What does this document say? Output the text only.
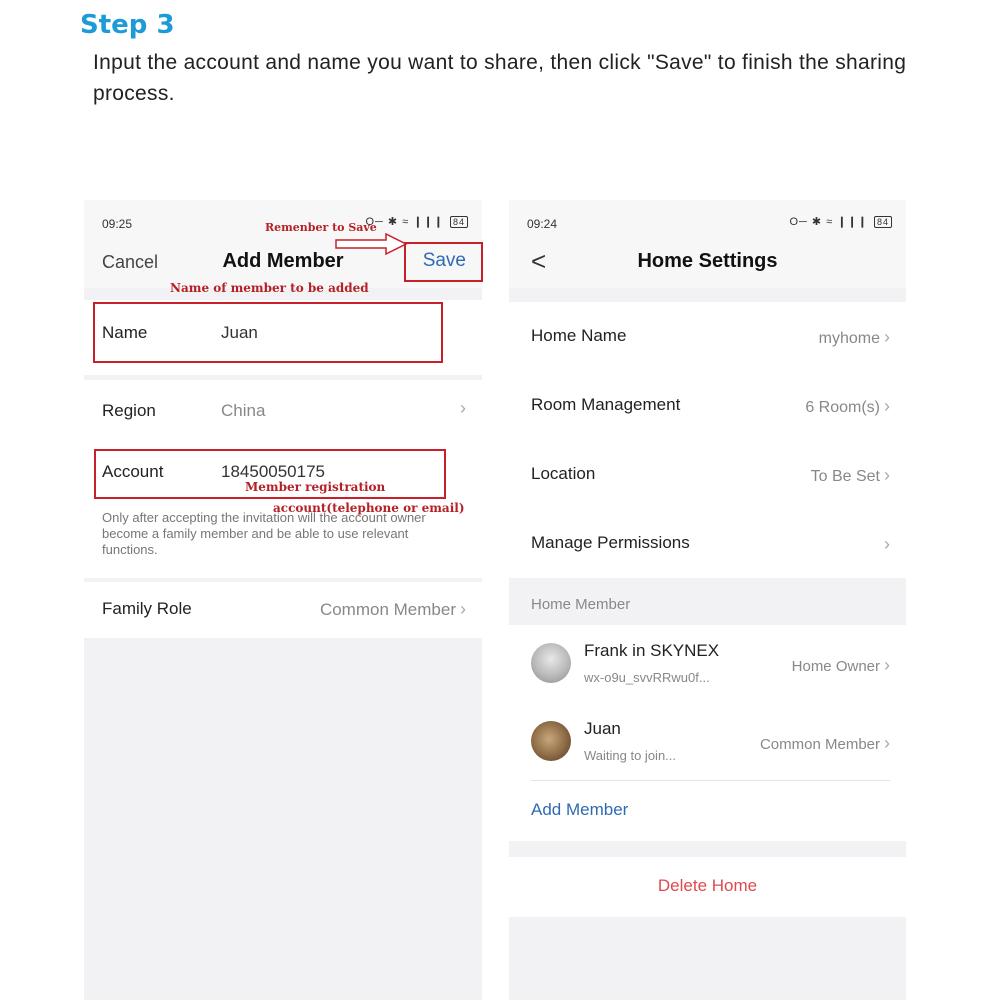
Step 3
Input the account and name you want to share, then click "Save" to finish the sharing process.
09:25	O─ ✱ ≈ ❙❙❙ 84
Cancel	Add Member	Save
Name	Juan
Region	China	›
Account	18450050175
Only after accepting the invitation will the account owner become a family member and be able to use relevant functions.
Family Role	Common Member ›
Remenber to Save
Name of member to be added
Member registration
account(telephone or email)
09:24	O─ ✱ ≈ ❙❙❙ 84
<	Home Settings
Home Name	myhome ›
Room Management	6 Room(s) ›
Location	To Be Set ›
Manage Permissions	›
Home Member
Frank in SKYNEX
wx-o9u_svvRRwu0f...
Home Owner ›
Juan
Waiting to join...
Common Member ›
Add Member
Delete Home
